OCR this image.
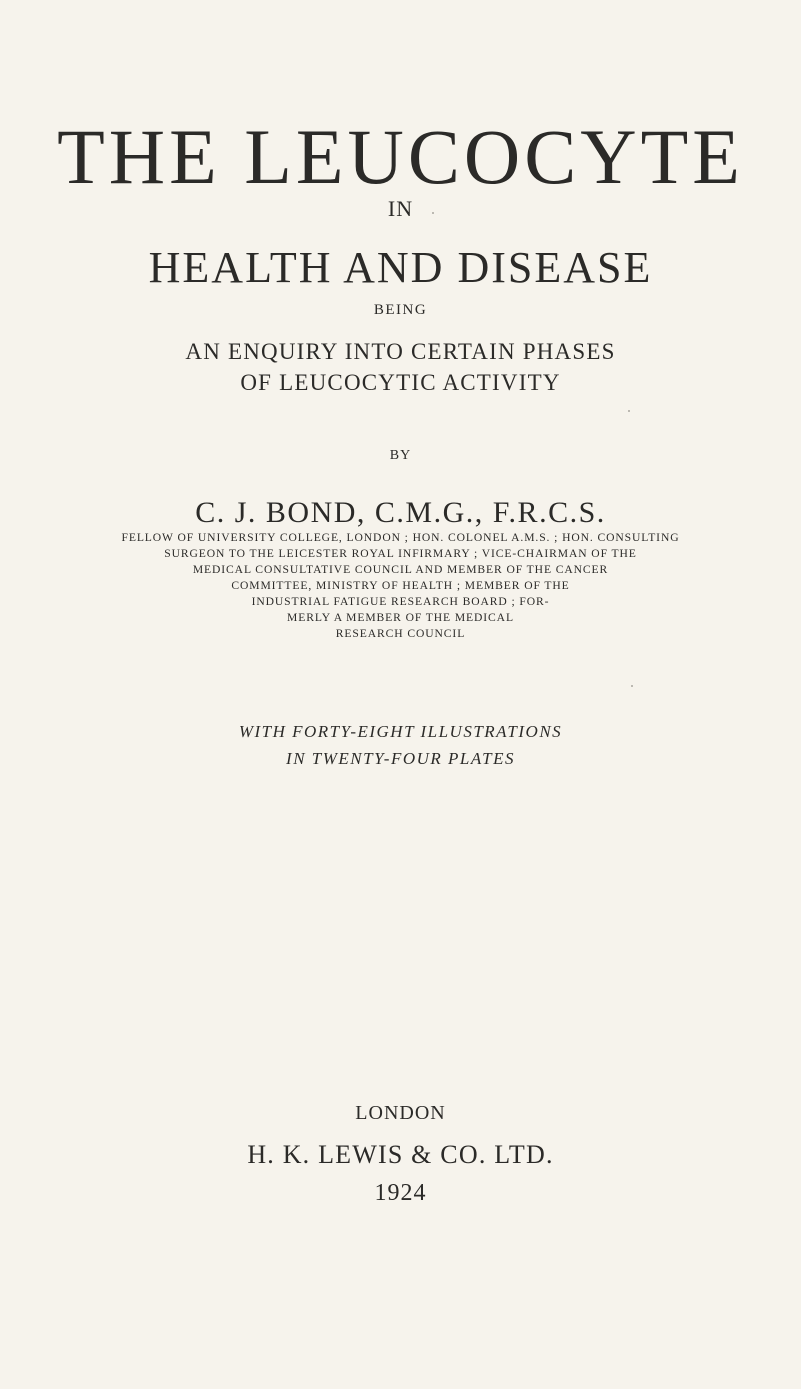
THE LEUCOCYTE

IN

HEALTH AND DISEASE

BEING

AN ENQUIRY INTO CERTAIN PHASES

OF LEUCOCYTIC ACTIVITY

BY

C. J. BOND, C.M.G., F.R.C.S.

FELLOW OF UNIVERSITY COLLEGE, LONDON ; HON. COLONEL A.M.S. ; HON. CONSULTING

SURGEON TO THE LEICESTER ROYAL INFIRMARY ; VICE-CHAIRMAN OF THE

MEDICAL CONSULTATIVE COUNCIL AND MEMBER OF THE CANCER

COMMITTEE, MINISTRY OF HEALTH ; MEMBER OF THE

INDUSTRIAL FATIGUE RESEARCH BOARD ; FOR-

MERLY A MEMBER OF THE MEDICAL

RESEARCH COUNCIL

WITH FORTY-EIGHT ILLUSTRATIONS

IN TWENTY-FOUR PLATES

LONDON

H. K. LEWIS & CO. LTD.

1924
